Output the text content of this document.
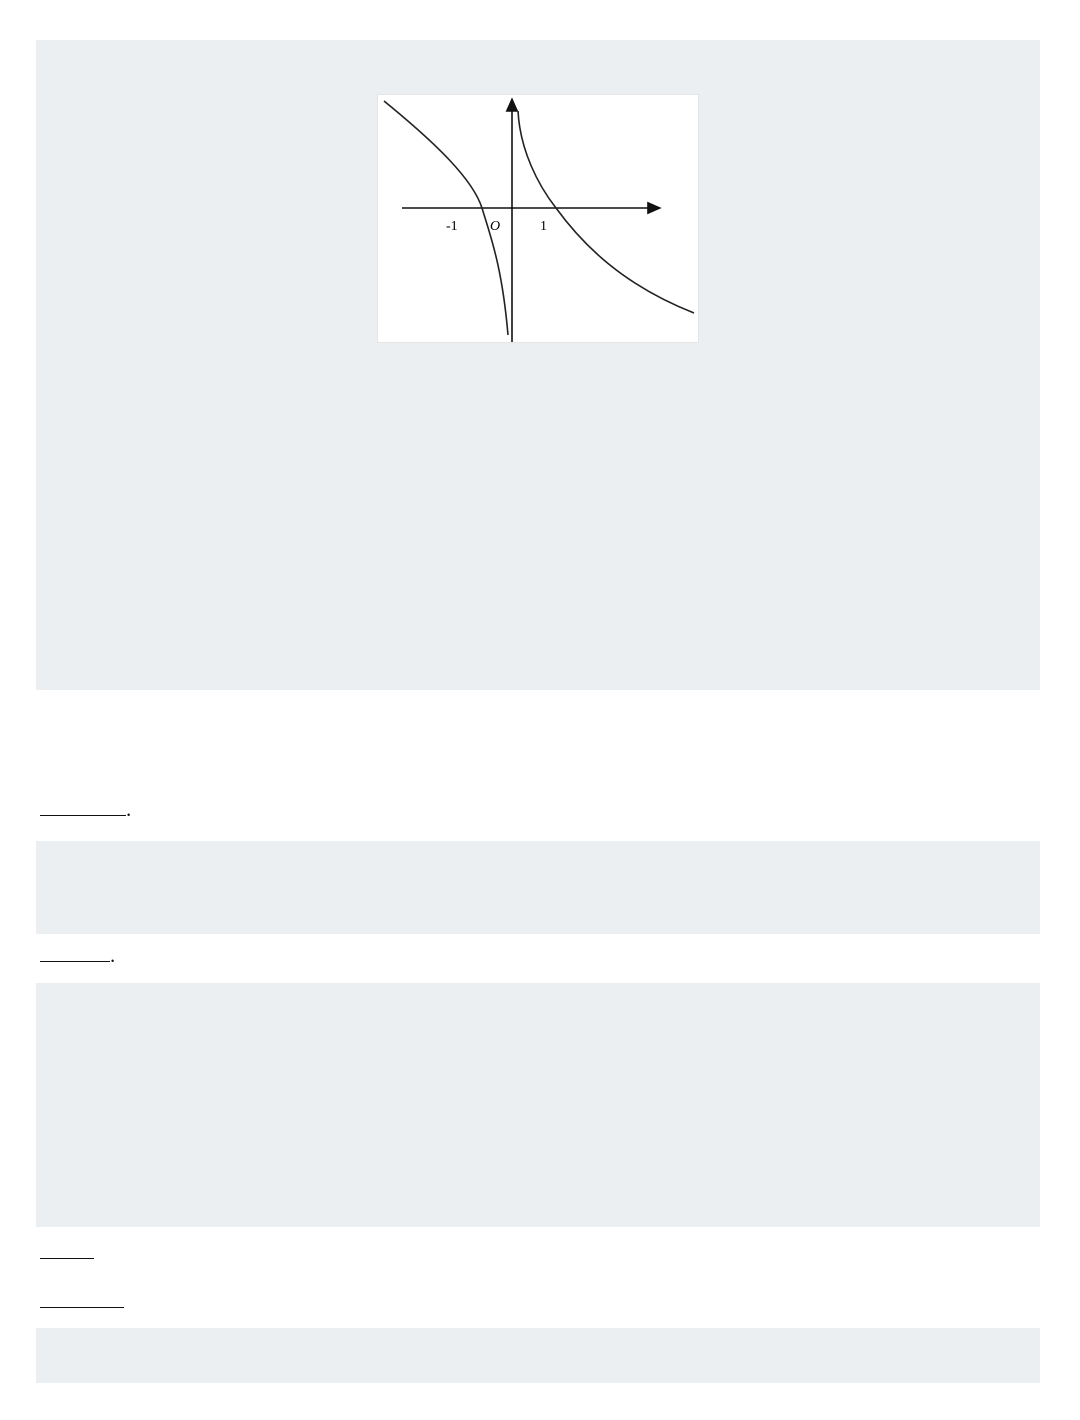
-1 O	1
.
.
